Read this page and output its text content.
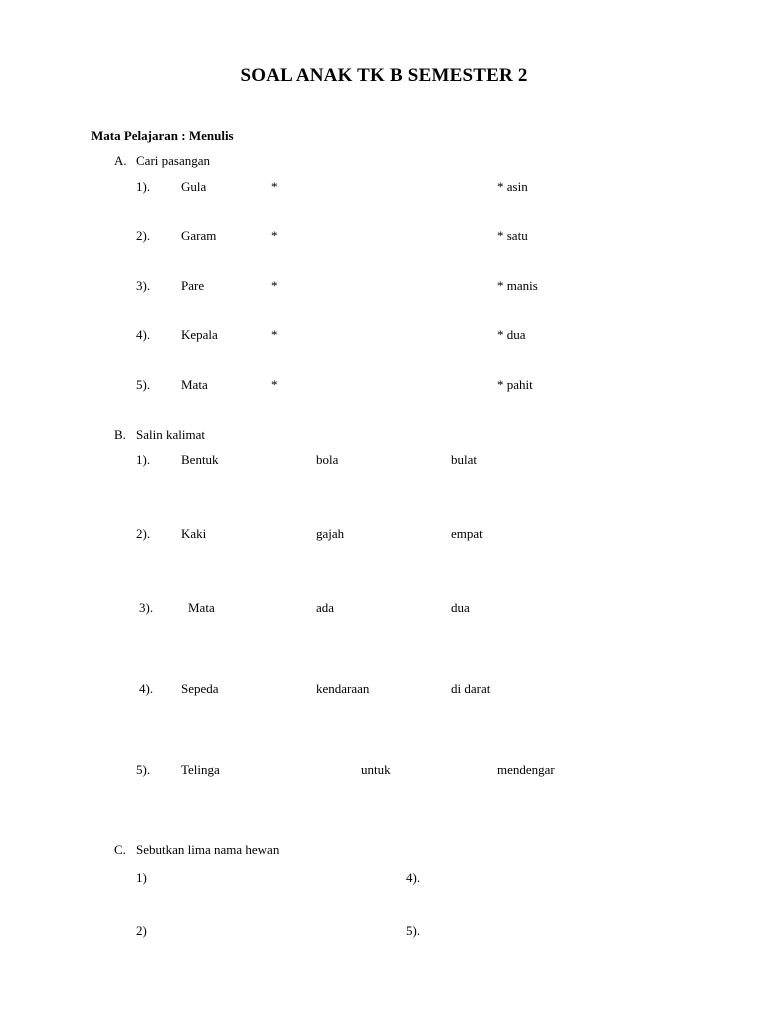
SOAL ANAK TK B SEMESTER 2
Mata Pelajaran : Menulis
A. Cari pasangan
1). Gula	*	* asin
2). Garam	*	* satu
3). Pare	*	* manis
4). Kepala	*	* dua
5). Mata	*	* pahit
B. Salin kalimat
1). Bentuk	bola	bulat
2). Kaki	gajah	empat
3).	Mata	ada	dua
4). Sepeda	kendaraan	di darat
5). Telinga	untuk	mendengar
C. Sebutkan lima nama hewan
1)	4).
2)	5).
